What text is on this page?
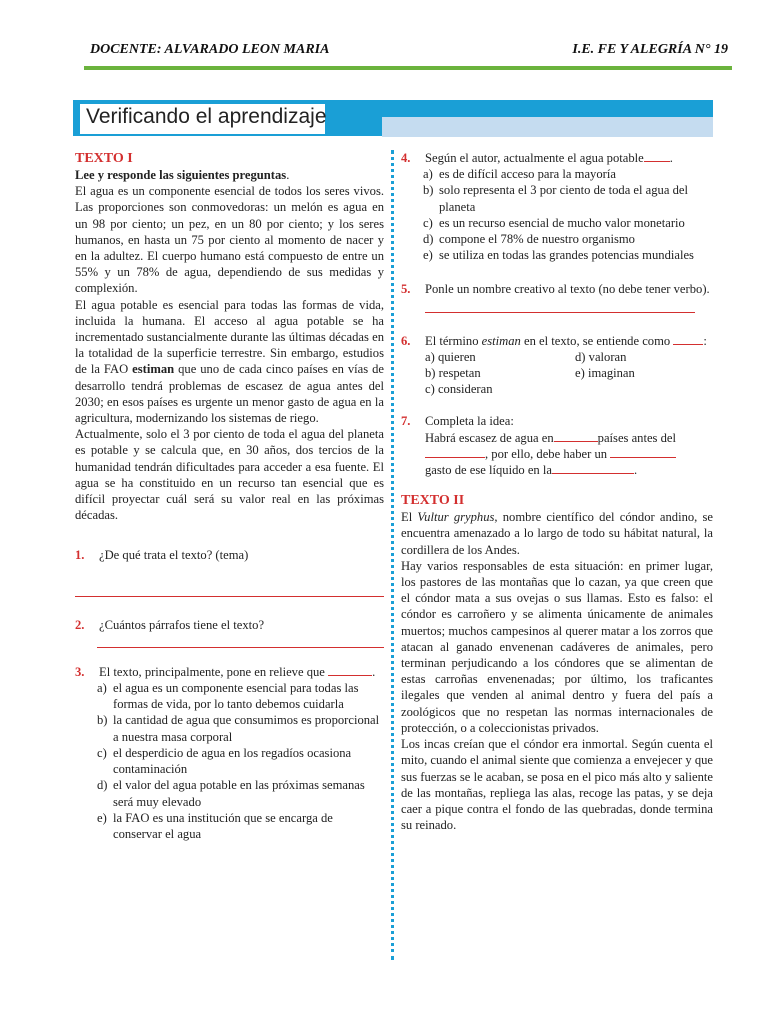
DOCENTE: ALVARADO LEON MARIA	I.E. FE Y ALEGRÍA N° 19
Verificando el aprendizaje
TEXTO I
Lee y responde las siguientes preguntas.
El agua es un componente esencial de todos los seres vivos. Las proporciones son conmovedoras: un melón es agua en un 98 por ciento; un pez, en un 80 por ciento; y los seres humanos, en hasta un 75 por ciento al momento de nacer y en la adultez. El cuerpo humano está compuesto de entre un 55% y un 78% de agua, dependiendo de sus medidas y complexión.
El agua potable es esencial para todas las formas de vida, incluida la humana. El acceso al agua potable se ha incrementado sustancialmente durante las últimas décadas en la totalidad de la superficie terrestre. Sin embargo, estudios de la FAO estiman que uno de cada cinco países en vías de desarrollo tendrá problemas de escasez de agua antes del 2030; en esos países es urgente un menor gasto de agua en la agricultura, modernizando los sistemas de riego.
Actualmente, solo el 3 por ciento de toda el agua del planeta es potable y se calcula que, en 30 años, dos tercios de la humanidad tendrán dificultades para acceder a esa fuente. El agua se ha constituido en un recurso tan esencial que es difícil proyectar cuál será su valor real en las próximas décadas.
1. ¿De qué trata el texto? (tema)
2. ¿Cuántos párrafos tiene el texto?
3. El texto, principalmente, pone en relieve que	.
a) el agua es un componente esencial para todas las formas de vida, por lo tanto debemos cuidarla
b) la cantidad de agua que consumimos es proporcional a nuestra masa corporal
c) el desperdicio de agua en los regadíos ocasiona contaminación
d) el valor del agua potable en las próximas semanas será muy elevado
e) la FAO es una institución que se encarga de conservar el agua
4. Según el autor, actualmente el agua potable .
a) es de difícil acceso para la mayoría
b) solo representa el 3 por ciento de toda el agua del planeta
c) es un recurso esencial de mucho valor monetario
d) compone el 78% de nuestro organismo
e) se utiliza en todas las grandes potencias mundiales
5. Ponle un nombre creativo al texto (no debe tener verbo).
6. El término estiman en el texto, se entiende como	:
a) quieren	d) valoran
b) respetan	e) imaginan
c) consideran
7. Completa la idea:
Habrá escasez de agua en	países antes del
, por ello, debe haber un
gasto de ese líquido en la	.
TEXTO II
El Vultur gryphus, nombre científico del cóndor andino, se encuentra amenazado a lo largo de todo su hábitat natural, la cordillera de los Andes.
Hay varios responsables de esta situación: en primer lugar, los pastores de las montañas que lo cazan, ya que creen que el cóndor mata a sus ovejas o sus llamas. Esto es falso: el cóndor es carroñero y se alimenta únicamente de animales muertos; muchos campesinos al querer matar a los zorros que atacan al ganado envenenan cadáveres de animales, pero terminan perjudicando a los cóndores que se alimentan de estas carroñas envenenadas; por último, los traficantes ilegales que venden al animal dentro y fuera del país a zoológicos que no respetan las normas internacionales de protección, o a coleccionistas privados.
Los incas creían que el cóndor era inmortal. Según cuenta el mito, cuando el animal siente que comienza a envejecer y que sus fuerzas se le acaban, se posa en el pico más alto y saliente de las montañas, repliega las alas, recoge las patas, y se deja caer a pique contra el fondo de las quebradas, donde termina su reinado.
